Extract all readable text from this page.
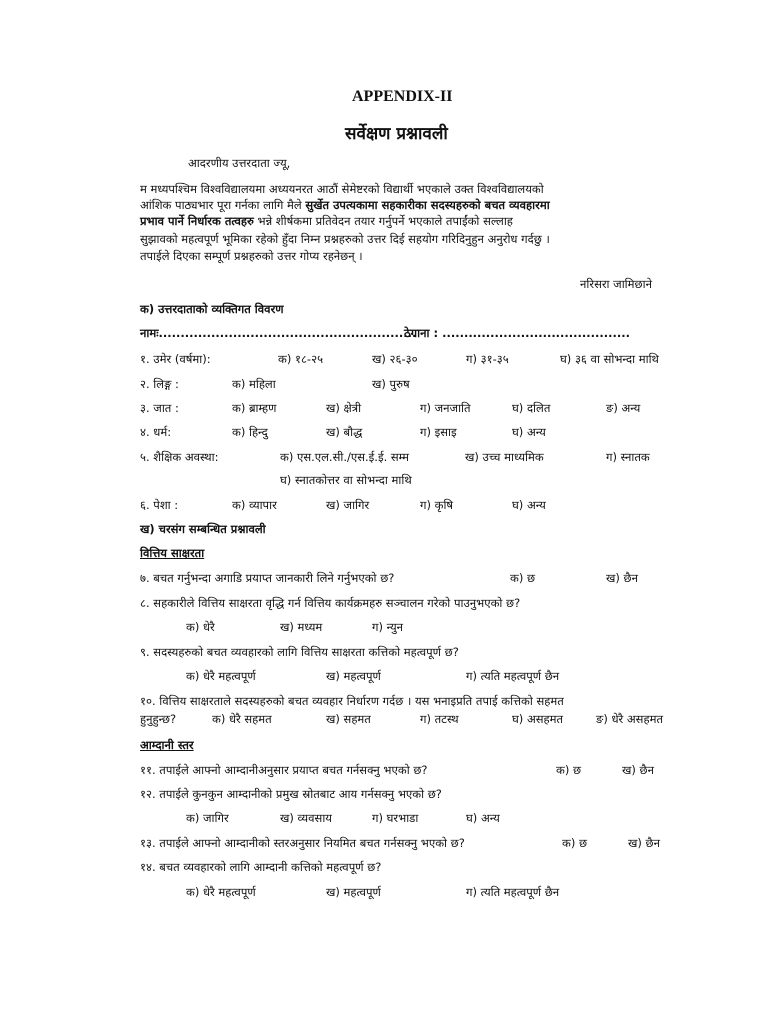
APPENDIX-II
सर्वेक्षण प्रश्नावली
आदरणीय उत्तरदाता ज्यू,
म मध्यपश्चिम विश्वविद्यालयमा अध्ययनरत आठौं सेमेष्टरको विद्यार्थी भएकाले उक्त विश्वविद्यालयको
आंशिक पाठ्यभार पूरा गर्नका लागि मैले सुर्खेत उपत्यकामा सहकारीका सदस्यहरुको बचत व्यवहारमा
प्रभाव पार्ने निर्धारक तत्वहरु भन्ने शीर्षकमा प्रतिवेदन तयार गर्नुपर्ने भएकाले तपाईंको सल्लाह
सुझावको महत्वपूर्ण भूमिका रहेको हुँदा निम्न प्रश्नहरुको उत्तर दिई सहयोग गरिदिनुहुन अनुरोध गर्दछु ।
तपाईले दिएका सम्पूर्ण प्रश्नहरुको उत्तर गोप्य रहनेछन् ।
नरिसरा जामिछाने
क) उत्तरदाताको व्यक्तिगत विवरण
नामः...........................................................
ठेगाना : ...........................................
१. उमेर (वर्षमा):	क) १८-२५	ख) २६-३०	ग) ३१-३५	घ) ३६ वा सोभन्दा माथि
२. लिङ्ग :	क) महिला	ख) पुरुष
३. जात :	क) ब्राम्हण	ख) क्षेत्री	ग) जनजाति	घ) दलित	ङ) अन्य
४. धर्म:	क) हिन्दु	ख) बौद्ध	ग) इसाइ	घ) अन्य
५. शैक्षिक अवस्था:	क) एस.एल.सी./एस.ई.ई. सम्म	ख) उच्च माध्यमिक	ग) स्नातक
घ) स्नातकोत्तर वा सोभन्दा माथि
६. पेशा :	क) व्यापार	ख) जागिर	ग) कृषि	घ) अन्य
ख) चरसंग सम्बन्धित प्रश्नावली
वित्तिय साक्षरता
७. बचत गर्नुभन्दा अगाडि प्रयाप्त जानकारी लिने गर्नुभएको छ?	क) छ	ख) छैन
८. सहकारीले वित्तिय साक्षरता वृद्धि गर्न वित्तिय कार्यक्रमहरु सञ्चालन गरेको पाउनुभएको छ?
क) धेरै	ख) मध्यम	ग) न्युन
९. सदस्यहरुको बचत व्यवहारको लागि वित्तिय साक्षरता कत्तिको महत्वपूर्ण छ?
क) धेरै महत्वपूर्ण	ख) महत्वपूर्ण	ग) त्यति महत्वपूर्ण छैन
१०. वित्तिय साक्षरताले सदस्यहरुको बचत व्यवहार निर्धारण गर्दछ । यस भनाइप्रति तपाई कत्तिको सहमत
हुनुहुन्छ?	क) धेरै सहमत	ख) सहमत	ग) तटस्थ	घ) असहमत	ङ) धेरै असहमत
आम्दानी स्तर
११. तपाईले आफ्नो आम्दानीअनुसार प्रयाप्त बचत गर्नसक्नु भएको छ?	क) छ	ख) छैन
१२. तपाईले कुनकुन आम्दानीको प्रमुख स्रोतबाट आय गर्नसक्नु भएको छ?
क) जागिर	ख) व्यवसाय	ग) घरभाडा	घ) अन्य
१३. तपाईले आफ्नो आम्दानीको स्तरअनुसार नियमित बचत गर्नसक्नु भएको छ?	क) छ	ख) छैन
१४. बचत व्यवहारको लागि आम्दानी कत्तिको महत्वपूर्ण छ?
क) धेरै महत्वपूर्ण	ख) महत्वपूर्ण	ग) त्यति महत्वपूर्ण छैन
